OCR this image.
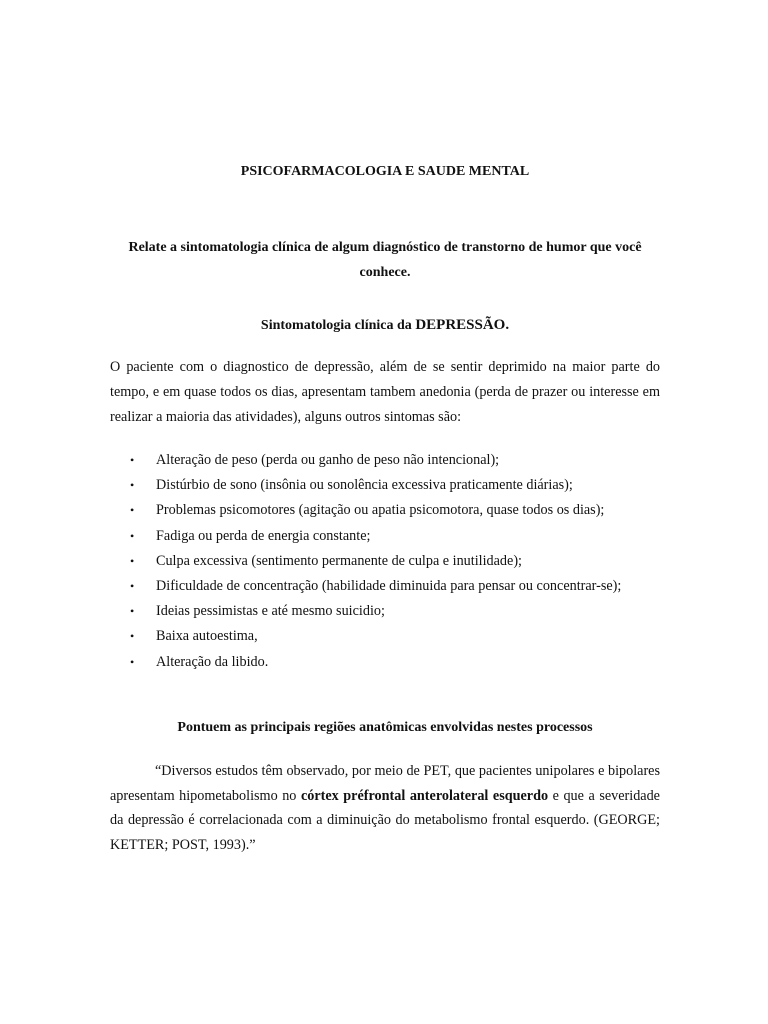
PSICOFARMACOLOGIA E SAUDE MENTAL
Relate a sintomatologia clínica de algum diagnóstico de transtorno de humor que você conhece.
Sintomatologia clínica da DEPRESSÃO.

O paciente com o diagnostico de depressão, além de se sentir deprimido na maior parte do tempo, e em quase todos os dias, apresentam tambem anedonia (perda de prazer ou interesse em realizar a maioria das atividades), alguns outros sintomas são:

• Alteração de peso (perda ou ganho de peso não intencional);
• Distúrbio de sono (insônia ou sonolência excessiva praticamente diárias);
• Problemas psicomotores (agitação ou apatia psicomotora, quase todos os dias);
• Fadiga ou perda de energia constante;
• Culpa excessiva (sentimento permanente de culpa e inutilidade);
• Dificuldade de concentração (habilidade diminuida para pensar ou concentrar-se);
• Ideias pessimistas e até mesmo suicidio;
• Baixa autoestima,
• Alteração da libido.
Pontuem as principais regiões anatômicas envolvidas nestes processos

“Diversos estudos têm observado, por meio de PET, que pacientes unipolares e bipolares apresentam hipometabolismo no córtex préfrontal anterolateral esquerdo e que a severidade da depressão é correlacionada com a diminuição do metabolismo frontal esquerdo. (GEORGE; KETTER; POST, 1993).”
